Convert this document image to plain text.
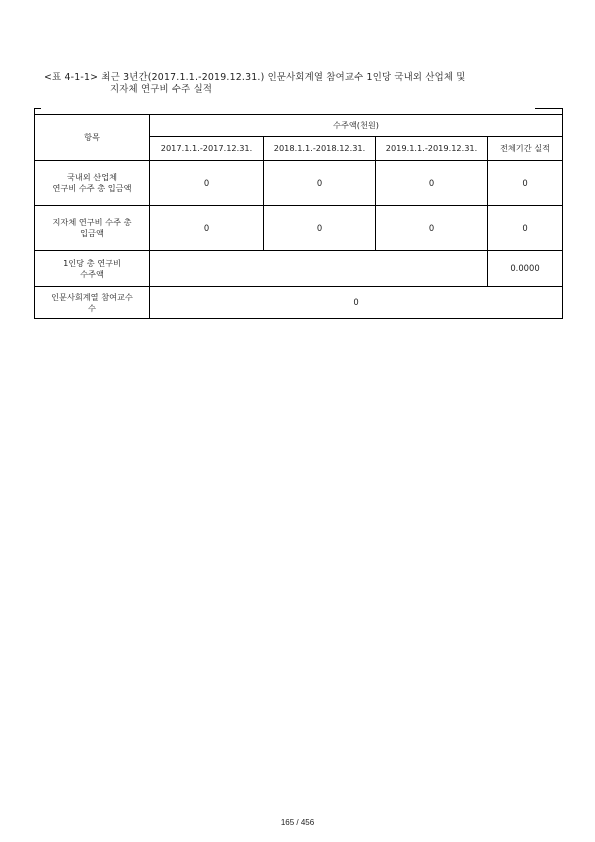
<표 4-1-1> 최근 3년간(2017.1.1.-2019.12.31.) 인문사회계열 참여교수 1인당 국내외 산업체 및
지자체 연구비 수주 실적
항목	수주액(천원)			
	2017.1.1.-2017.12.31.	2018.1.1.-2018.12.31.	2019.1.1.-2019.12.31.	전체기간 실적
국내외 산업체
연구비 수주 총 입금액	0	0	0	0
지자체 연구비 수주 총
입금액	0	0	0	0
1인당 총 연구비
수주액				0.0000
인문사회계열 참여교수
수	0			
165 / 456
